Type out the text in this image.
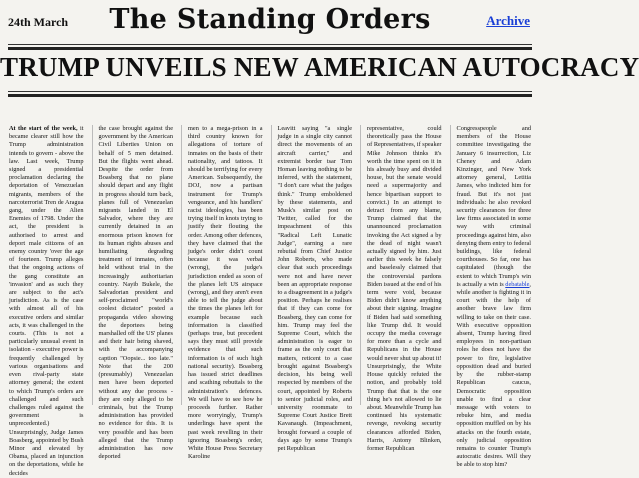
24th March	The Standing Orders	Archive
TRUMP UNVEILS NEW AMERICAN AUTOCRACY
At the start of the week, it became clearer still how the Trump administration intends to govern - above the law. Last week, Trump signed a presidential proclamation declaring the deportation of Venezuelan migrants, members of the narcoterrorist Tren de Aragua gang, under the Alien Enemies of 1798. Under the act, the president is authorised to arrest and deport male citizens of an enemy country 'over the age of fourteen. Trump alleges that the ongoing actions of the gang constitute an 'invasion' and as such they are subject to the act's jurisdiction. As is the case with almost all of his executive orders and similar acts, it was challenged in the courts. (This is not a particularly unusual event in isolation - executive power is frequently challenged by various organisations and even rival-party state attorney general; the extent to which Trump's orders are challenged and such challenges ruled against the government is unprecedented.) Unsurprisingly, Judge James Boasberg, appointed by Bush Minor and elevated by Obama, placed an injunction on the deportations, while he decides
the case brought against the government by the American Civil Liberties Union on behalf of 5 men detained. But the flights went ahead. Despite the order from Boasberg that no plane should depart and any flight in progress should turn back, planes full of Venezuelan migrants landed in El Salvador, where they are currently detained in an enormous prison known for its human rights abuses and humiliating degrading treatment of inmates, often held without trial in the increasingly authoritarian country. Nayib Bukele, the Salvadorian president and self-proclaimed "world's coolest dictator" posted a propaganda video showing the deportees being marshalled off the US' planes and their hair being shaved, with the accompanying caption "Oopsie... too late." Note that the 200 (presumably) Venezuelan men have been deported without any due process - they are only alleged to be criminals, but the Trump administration has provided no evidence for this. It is very possible and has been alleged that the Trump administration has now deported
men to a mega-prison in a third country known for allegations of torture of inmates on the basis of their nationality, and tattoos. It should be terrifying for every American. Subsequently, the DOJ, now a partisan instrument for Trump's vengeance, and his handlers' racist ideologies, has been trying itself in knots trying to justify their flouting the order. Among other defences, they have claimed that the judge's order didn't count because it was verbal (wrong), the judge's jurisdiction ended as soon of the planes left US airspace (wrong), and they aren't even able to tell the judge about the times the planes left for example because such information is classified (perhaps true, but precedent says they must still provide evidence that such information is of such high national security). Boasberg has issued strict deadlines and scathing rebuttals to the administration's defences. We will have to see how he proceeds further. Rather more worryingly, Trump's underlings have spent the past week revelling in their ignoring Boasberg's order, White House Press Secretary Karoline
Leavitt saying "a single judge in a single city cannot direct the movements of an aircraft carrier," and extremist border tsar Tom Homan leaving nothing to be inferred, with the statement, "I don't care what the judges think." Trump emboldened by these statements, and Musk's similar post on Twitter, called for the impeachment of this "Radical Left Lunatic Judge", earning a rare rebuttal from Chief Justice John Roberts, who made clear that such proceedings were not and have never been an appropriate response to a disagreement in a judge's position. Perhaps he realises that if they can come for Boasberg, they can come for him. Trump may feel the Supreme Court, which the administration is eager to frame as the only court that matters, reticent to a case brought against Boasberg's decision, his being well respected by members of the court, appointed by Roberts to senior judicial roles, and university roommate to Supreme Court Justice Brett Kavanaugh. (Impeachment, brought forward a couple of days ago by some Trump's pet Republican
representative, could theoretically pass the House of Representatives, if speaker Mike Johnson thinks it's worth the time spent on it in his already busy and divided house, but the senate would need a supermajority and hence bipartisan support to convict.) In an attempt to detract from any blame, Trump claimed that the unannounced proclamation invoking the Act signed a by the dead of night wasn't actually signed by him. Just earlier this week he falsely and baselessly claimed that the controversial pardons Biden issued at the end of his term were void, because Biden didn't know anything about their signing. Imagine if Biden had said something like Trump did. It would occupy the media coverage for more than a cycle and Republicans in the House would never shut up about it! Unsurprisingly, the White House quickly refuted the notion, and probably told Trump that that is the one thing he's not allowed to lie about. Meanwhile Trump has continued his systematic revenge, revoking security clearances afforded Biden, Harris, Antony Blinken, former Republican
Congresspeople and members of the House committee investigating the January 6 insurrection, Liz Cheney and Adam Kinzinger, and New York attorney general, Letitia James, who indicted him for fraud. But it's not just individuals: he also revoked security clearances for three law firms associated in some way with criminal proceedings against him, also denying them entry to federal buildings, like federal courthouses. So far, one has capitulated (though the extent to which Trump's win is actually a win is debatable, while another is fighting it in court with the help of another brave law firm willing to take on their case. With executive opposition absent, Trump having fired employees in non-partisan roles he does not have the power to fire, legislative opposition dead and buried by the rubber-stamp Republican caucus, Democratic opposition unable to find a clear message with voters to rebuke him, and media opposition muffled on by his attacks on the fourth estate, only judicial opposition remains to counter Trump's autocratic desires. Will they be able to stop him?
